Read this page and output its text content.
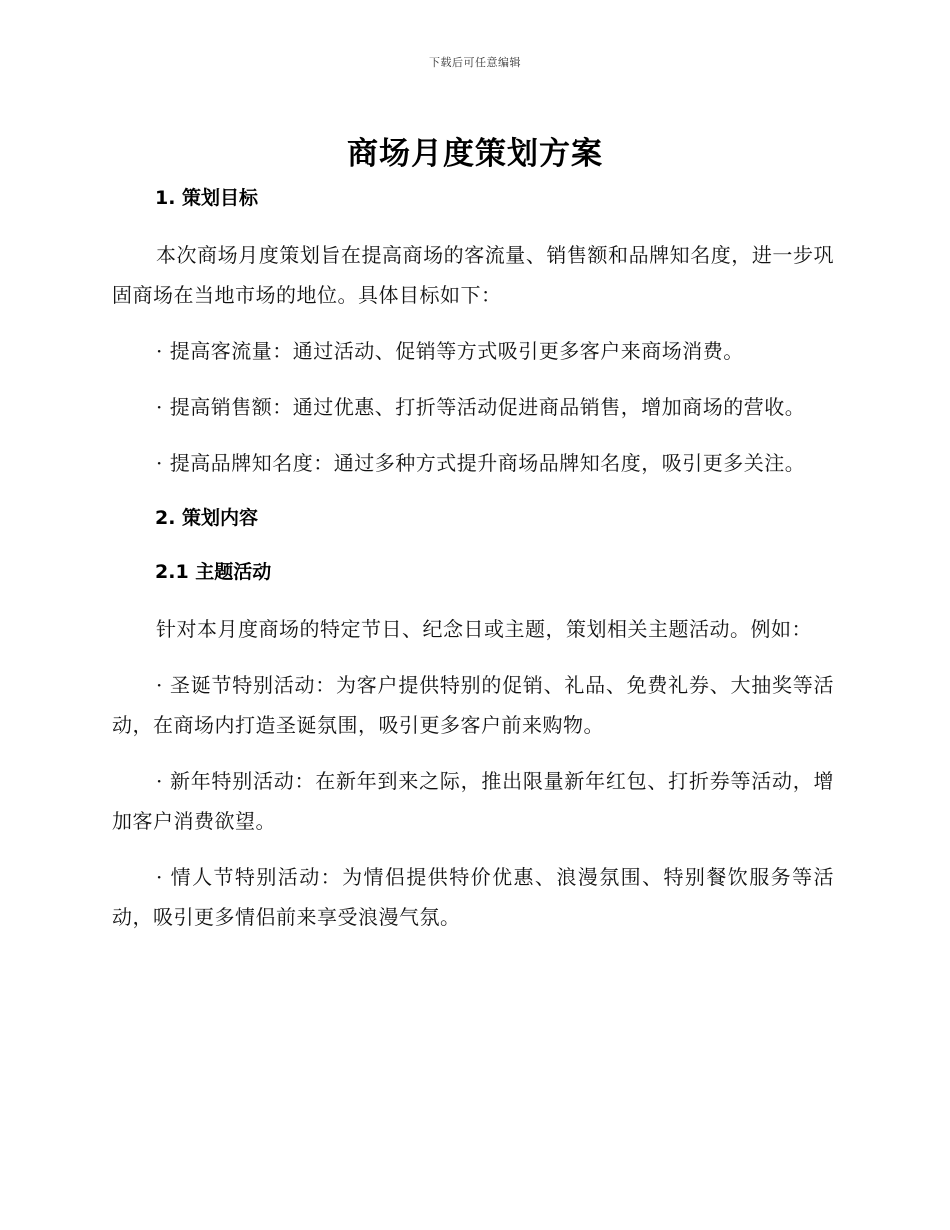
下载后可任意编辑
商场月度策划方案
1. 策划目标

本次商场月度策划旨在提高商场的客流量、销售额和品牌知名度，进一步巩固商场在当地市场的地位。具体目标如下：

· 提高客流量：通过活动、促销等方式吸引更多客户来商场消费。

· 提高销售额：通过优惠、打折等活动促进商品销售，增加商场的营收。

· 提高品牌知名度：通过多种方式提升商场品牌知名度，吸引更多关注。

2. 策划内容
2.1 主题活动

针对本月度商场的特定节日、纪念日或主题，策划相关主题活动。例如：

· 圣诞节特别活动：为客户提供特别的促销、礼品、免费礼券、大抽奖等活动，在商场内打造圣诞氛围，吸引更多客户前来购物。

· 新年特别活动：在新年到来之际，推出限量新年红包、打折券等活动，增加客户消费欲望。

· 情人节特别活动：为情侣提供特价优惠、浪漫氛围、特别餐饮服务等活动，吸引更多情侣前来享受浪漫气氛。
